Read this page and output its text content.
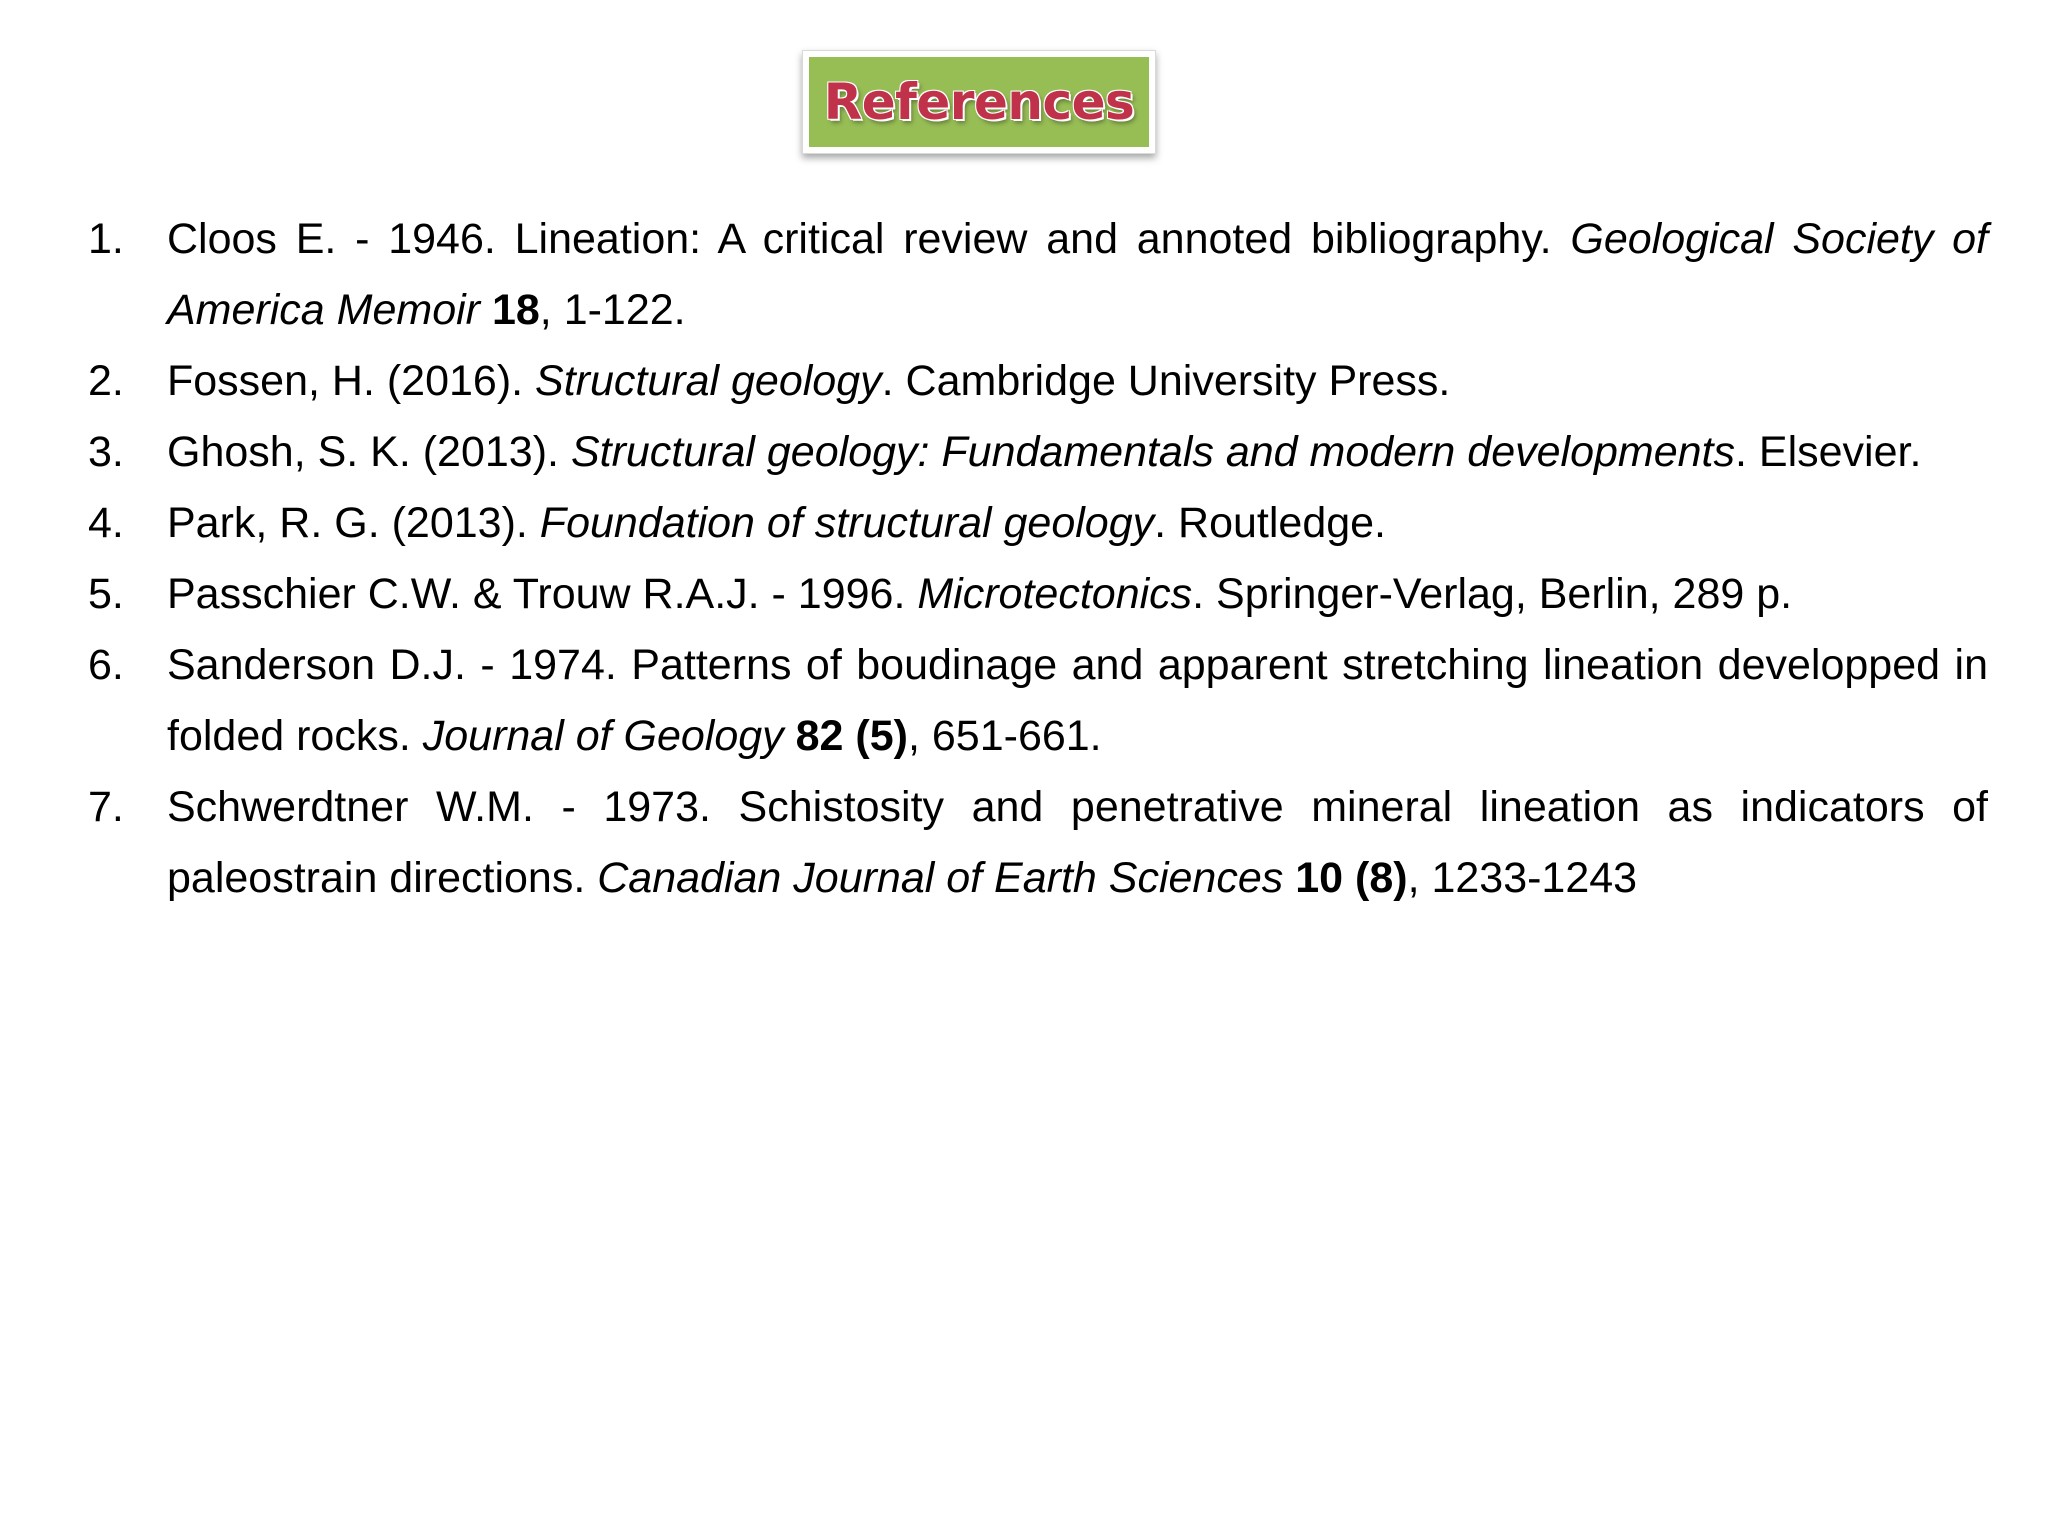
References
1. Cloos E. - 1946. Lineation: A critical review and annoted bibliography. Geological Society of America Memoir 18, 1-122.
2. Fossen, H. (2016). Structural geology. Cambridge University Press.
3. Ghosh, S. K. (2013). Structural geology: Fundamentals and modern developments. Elsevier.
4. Park, R. G. (2013). Foundation of structural geology. Routledge.
5. Passchier C.W. & Trouw R.A.J. - 1996. Microtectonics. Springer-Verlag, Berlin, 289 p.
6. Sanderson D.J. - 1974. Patterns of boudinage and apparent stretching lineation developped in folded rocks. Journal of Geology 82 (5), 651-661.
7. Schwerdtner W.M. - 1973. Schistosity and penetrative mineral lineation as indicators of paleostrain directions. Canadian Journal of Earth Sciences 10 (8), 1233-1243
